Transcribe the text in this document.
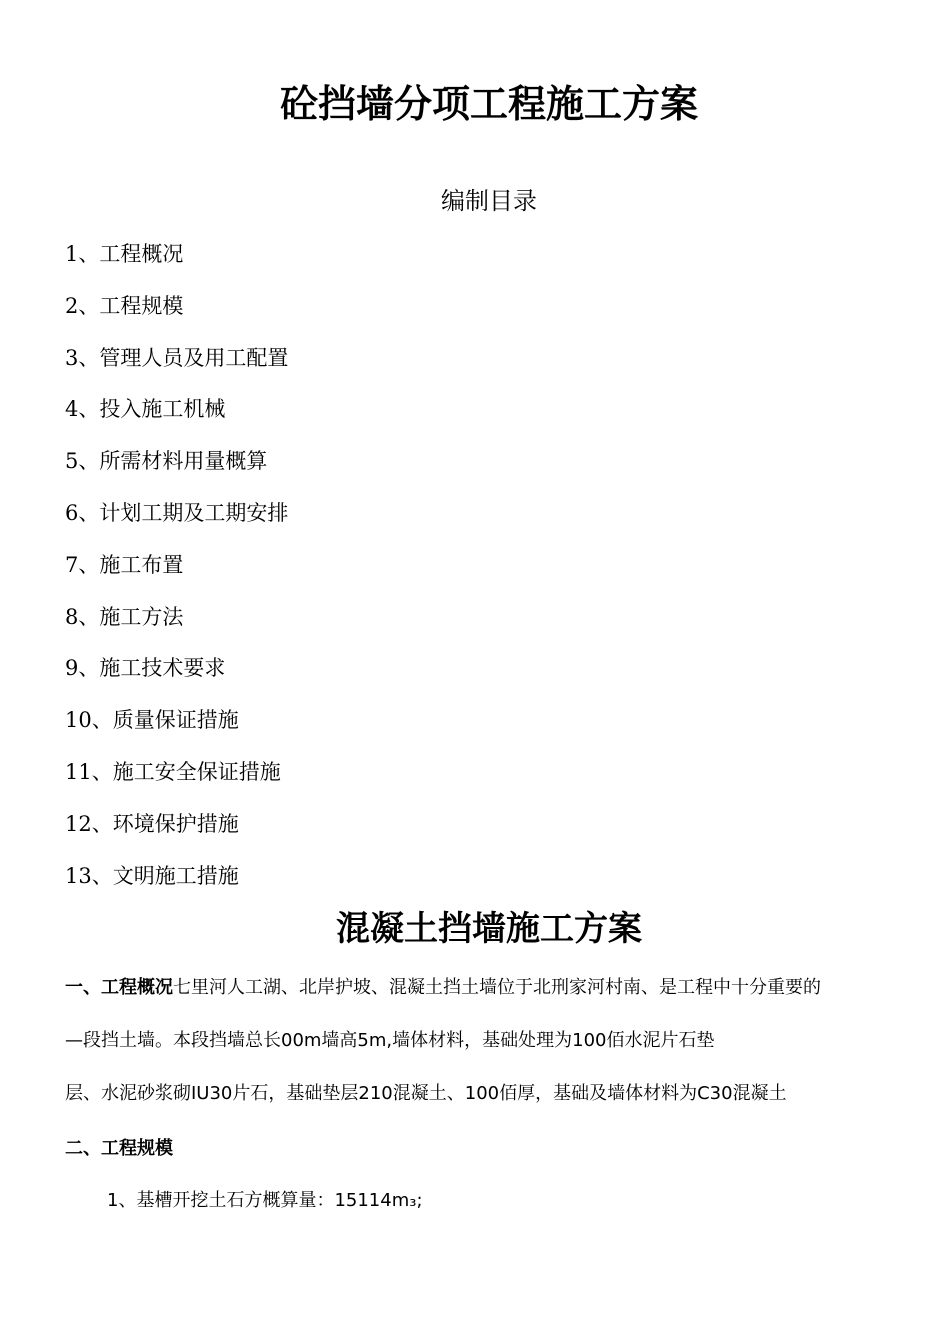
砼挡墙分项工程施工方案
编制目录
1、工程概况
2、工程规模
3、管理人员及用工配置
4、投入施工机械
5、所需材料用量概算
6、计划工期及工期安排
7、施工布置
8、施工方法
9、施工技术要求
10、质量保证措施
11、施工安全保证措施
12、环境保护措施
13、文明施工措施
混凝土挡墙施工方案
一、工程概况七里河人工湖、北岸护坡、混凝土挡土墙位于北刑家河村南、是工程中十分重要的
—段挡土墙。本段挡墙总长00m墙高5m,墙体材料，基础处理为100佰水泥片石垫
层、水泥砂浆砌IU30片石，基础垫层210混凝土、100佰厚，基础及墙体材料为C30混凝土
二、工程规模
1、基槽开挖土石方概算量：15114m₃;
